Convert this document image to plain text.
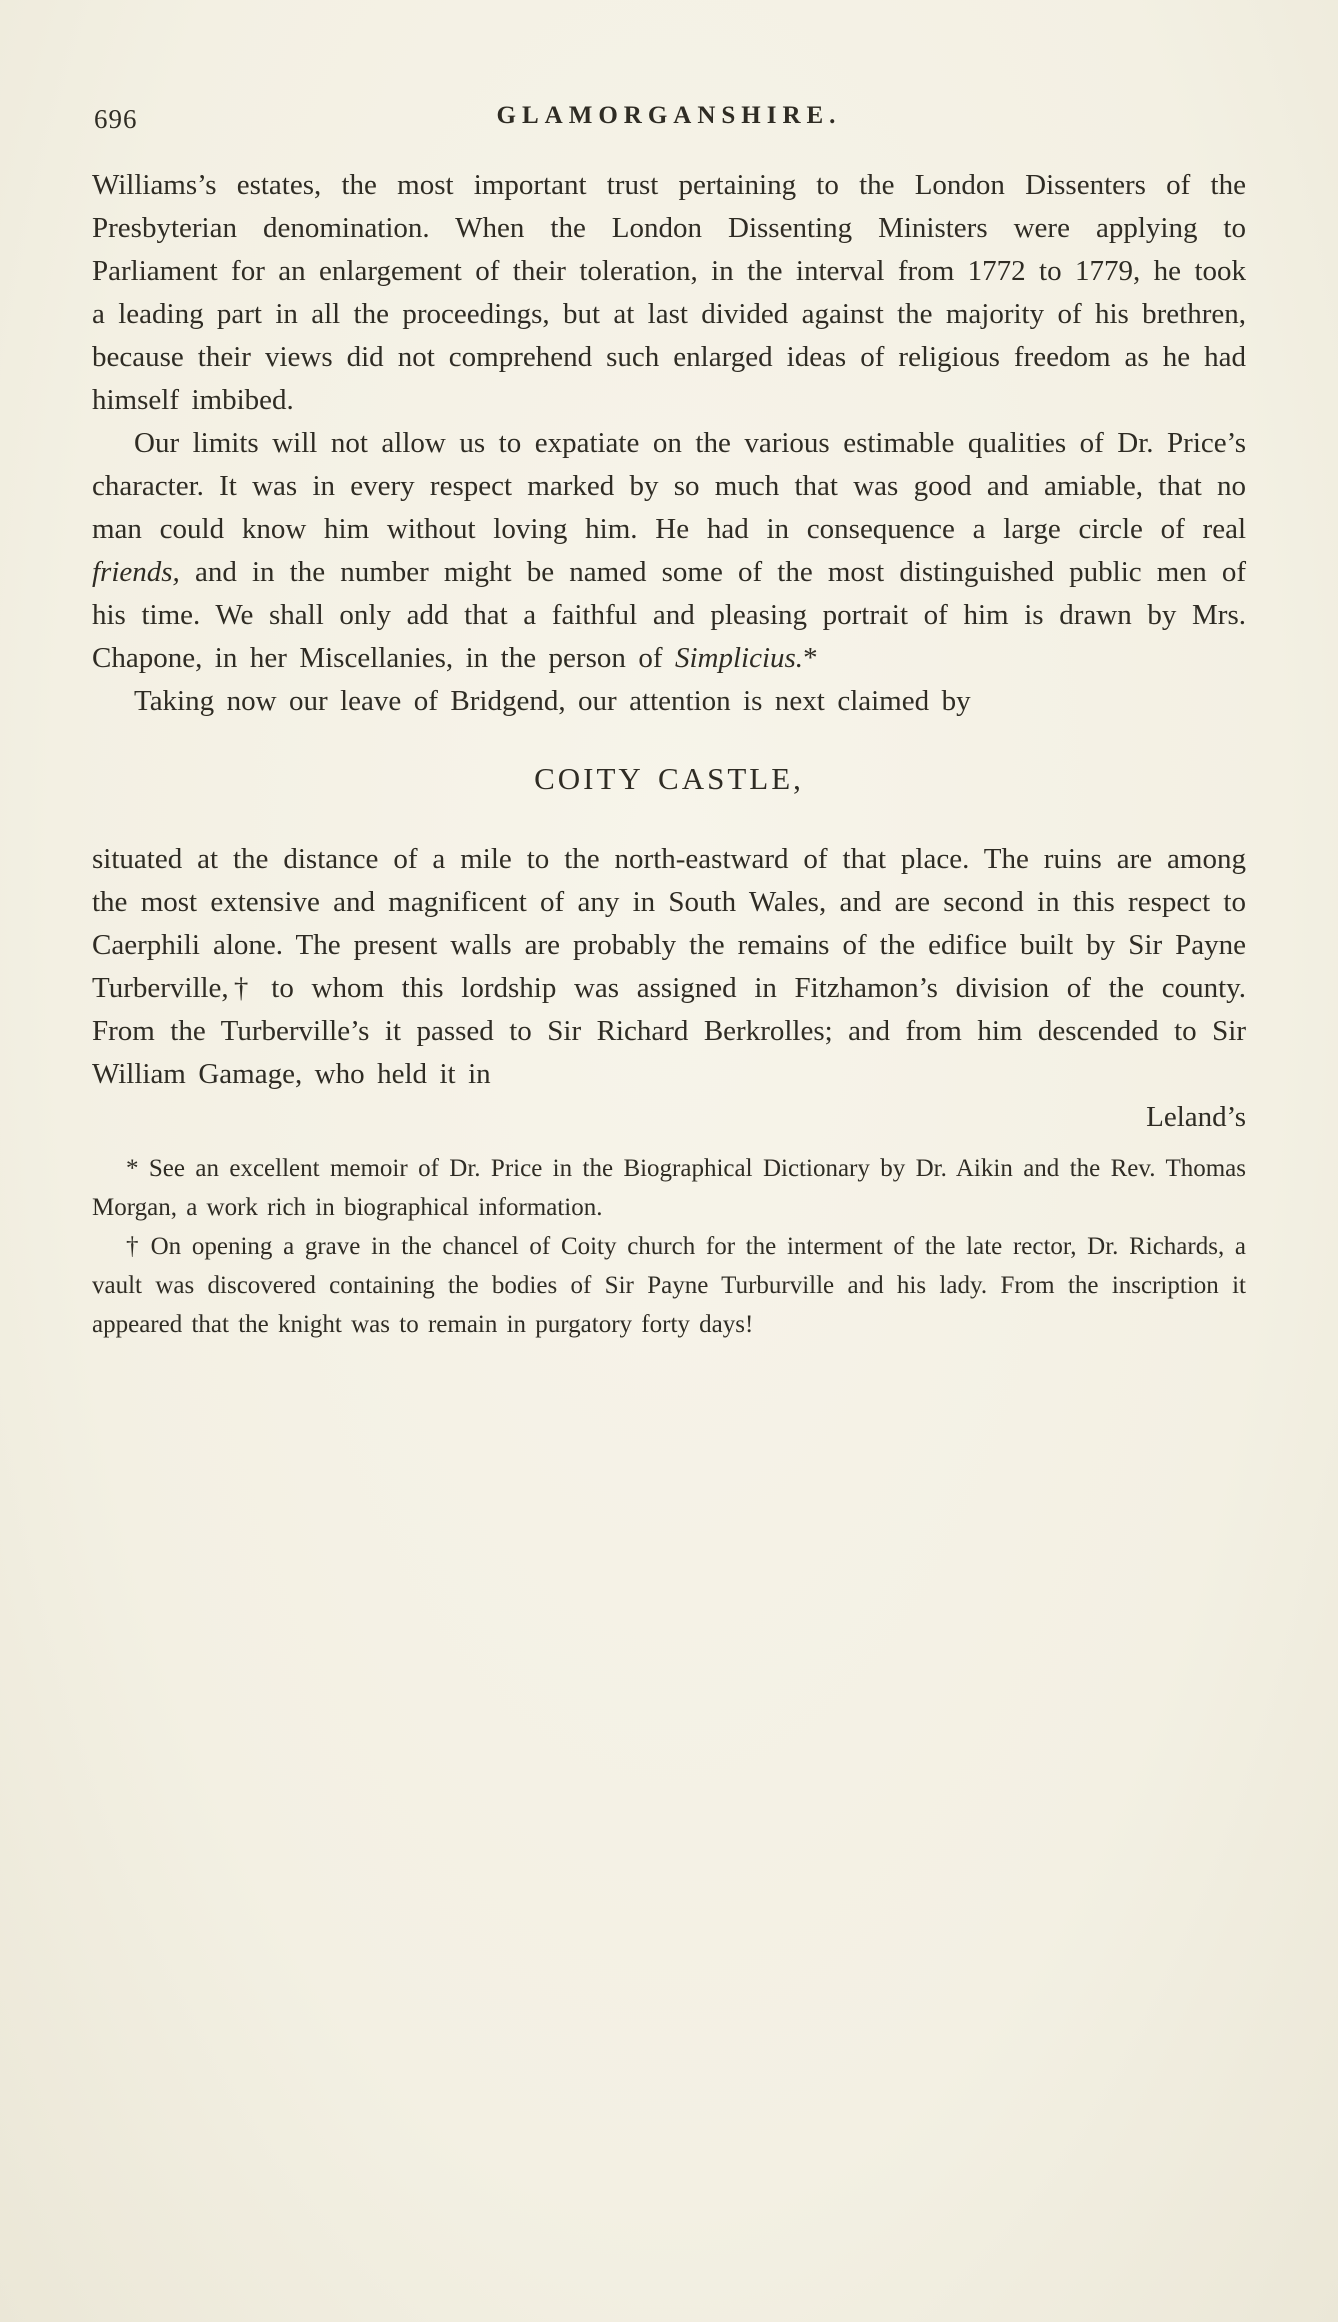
696	GLAMORGANSHIRE.

Williams’s estates, the most important trust pertaining to the London Dissenters of the Presbyterian denomination. When the London Dissenting Ministers were applying to Parliament for an enlargement of their toleration, in the interval from 1772 to 1779, he took a leading part in all the proceedings, but at last divided against the majority of his brethren, because their views did not comprehend such enlarged ideas of religious freedom as he had himself imbibed.

Our limits will not allow us to expatiate on the various estimable qualities of Dr. Price’s character. It was in every respect marked by so much that was good and amiable, that no man could know him without loving him. He had in consequence a large circle of real friends, and in the number might be named some of the most distinguished public men of his time. We shall only add that a faithful and pleasing portrait of him is drawn by Mrs. Chapone, in her Miscellanies, in the person of Simplicius.*

Taking now our leave of Bridgend, our attention is next claimed by

COITY CASTLE,

situated at the distance of a mile to the north-eastward of that place. The ruins are among the most extensive and magnificent of any in South Wales, and are second in this respect to Caerphili alone. The present walls are probably the remains of the edifice built by Sir Payne Turberville,† to whom this lordship was assigned in Fitzhamon’s division of the county. From the Turberville’s it passed to Sir Richard Berkrolles; and from him descended to Sir William Gamage, who held it in

Leland’s

* See an excellent memoir of Dr. Price in the Biographical Dictionary by Dr. Aikin and the Rev. Thomas Morgan, a work rich in biographical information.

† On opening a grave in the chancel of Coity church for the interment of the late rector, Dr. Richards, a vault was discovered containing the bodies of Sir Payne Turburville and his lady. From the inscription it appeared that the knight was to remain in purgatory forty days!
